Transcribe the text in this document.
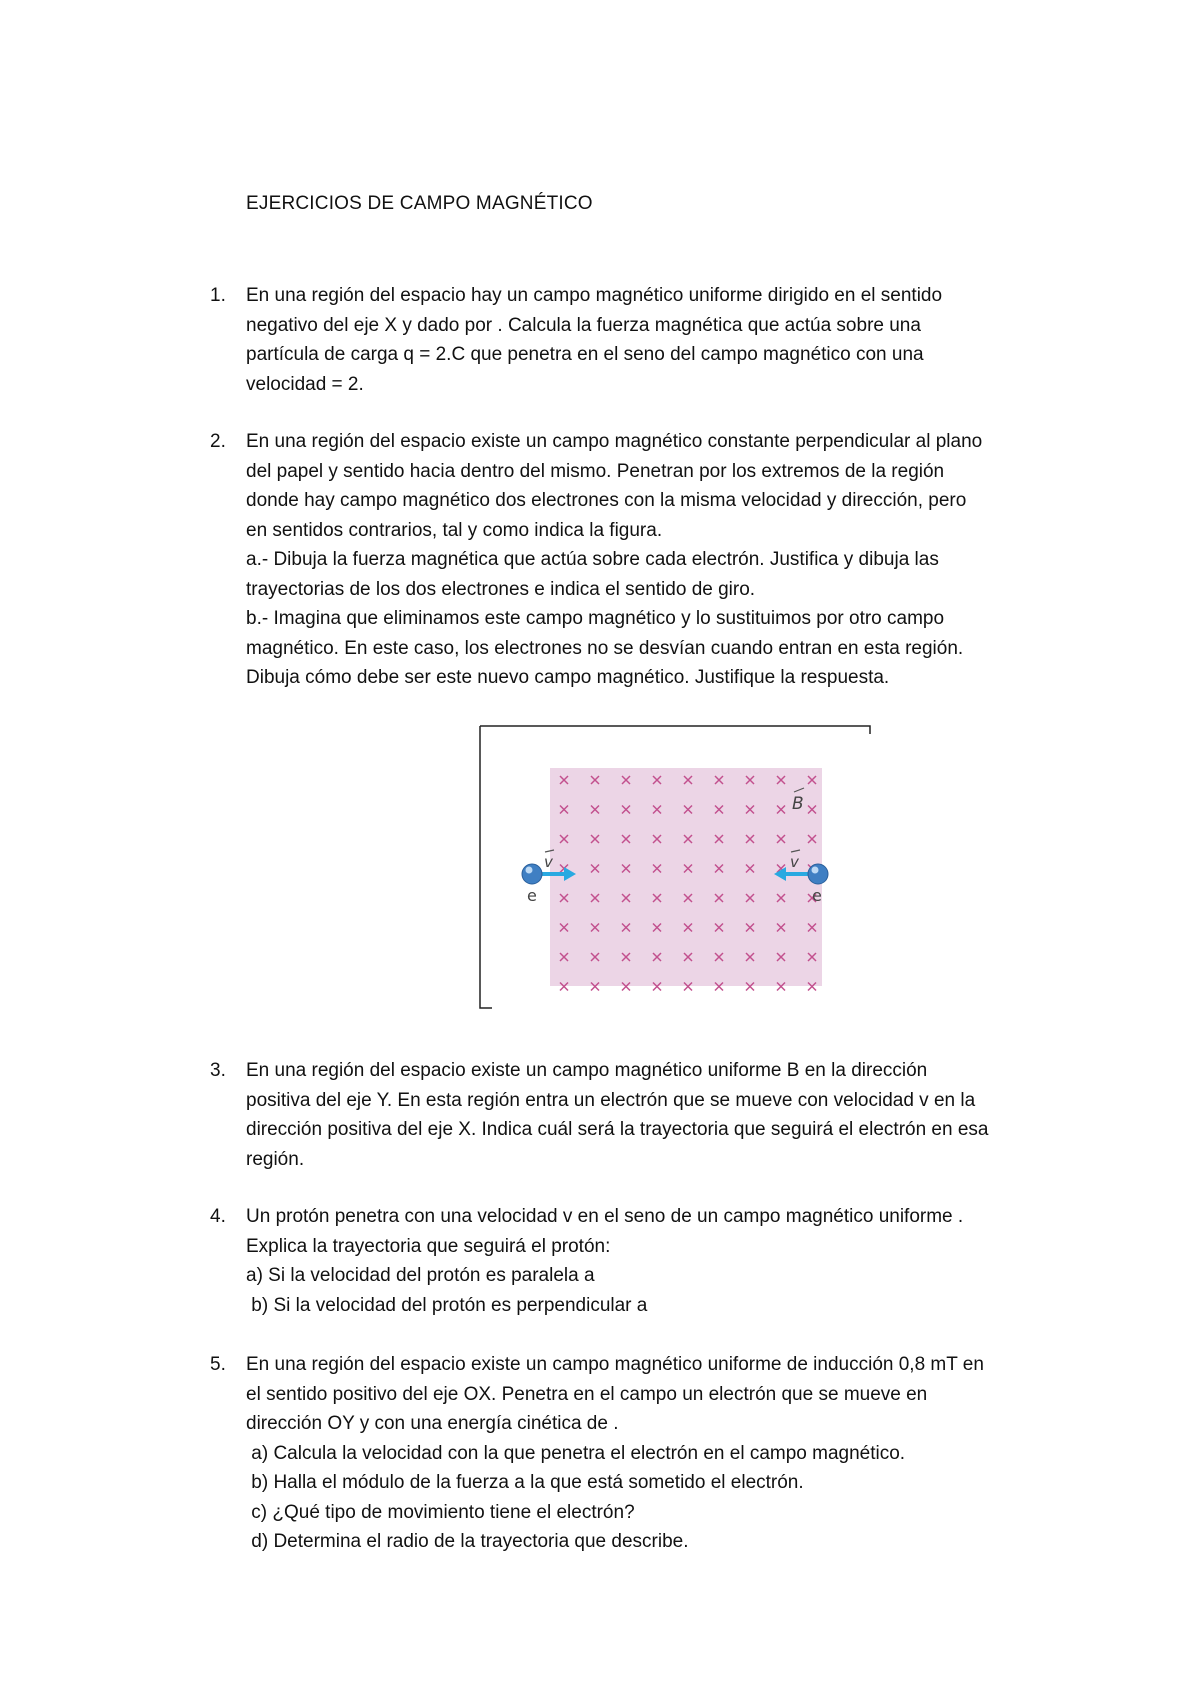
EJERCICIOS DE CAMPO MAGNÉTICO
1.	En una región del espacio hay un campo magnético uniforme dirigido en el sentido

negativo del eje X y dado por . Calcula la fuerza magnética que actúa sobre una

partícula de carga q = 2.C que penetra en el seno del campo magnético con una

velocidad = 2.

2.	En una región del espacio existe un campo magnético constante perpendicular al plano

del papel y sentido hacia dentro del mismo. Penetran por los extremos de la región

donde hay campo magnético dos electrones con la misma velocidad y dirección, pero

en sentidos contrarios, tal y como indica la figura.

a.- Dibuja la fuerza magnética que actúa sobre cada electrón. Justifica y dibuja las

trayectorias de los dos electrones e indica el sentido de giro.

b.- Imagina que eliminamos este campo magnético y lo sustituimos por otro campo

magnético. En este caso, los electrones no se desvían cuando entran en esta región.

Dibuja cómo debe ser este nuevo campo magnético. Justifique la respuesta.

B
v
e
v
e
3.	En una región del espacio existe un campo magnético uniforme B en la dirección

positiva del eje Y. En esta región entra un electrón que se mueve con velocidad v en la

dirección positiva del eje X. Indica cuál será la trayectoria que seguirá el electrón en esa

región.

4.	Un protón penetra con una velocidad v en el seno de un campo magnético uniforme .

Explica la trayectoria que seguirá el protón:

a) Si la velocidad del protón es paralela a

b) Si la velocidad del protón es perpendicular a

5.	En una región del espacio existe un campo magnético uniforme de inducción 0,8 mT en

el sentido positivo del eje OX. Penetra en el campo un electrón que se mueve en

dirección OY y con una energía cinética de .

a) Calcula la velocidad con la que penetra el electrón en el campo magnético.

b) Halla el módulo de la fuerza a la que está sometido el electrón.

c) ¿Qué tipo de movimiento tiene el electrón?

d) Determina el radio de la trayectoria que describe.
